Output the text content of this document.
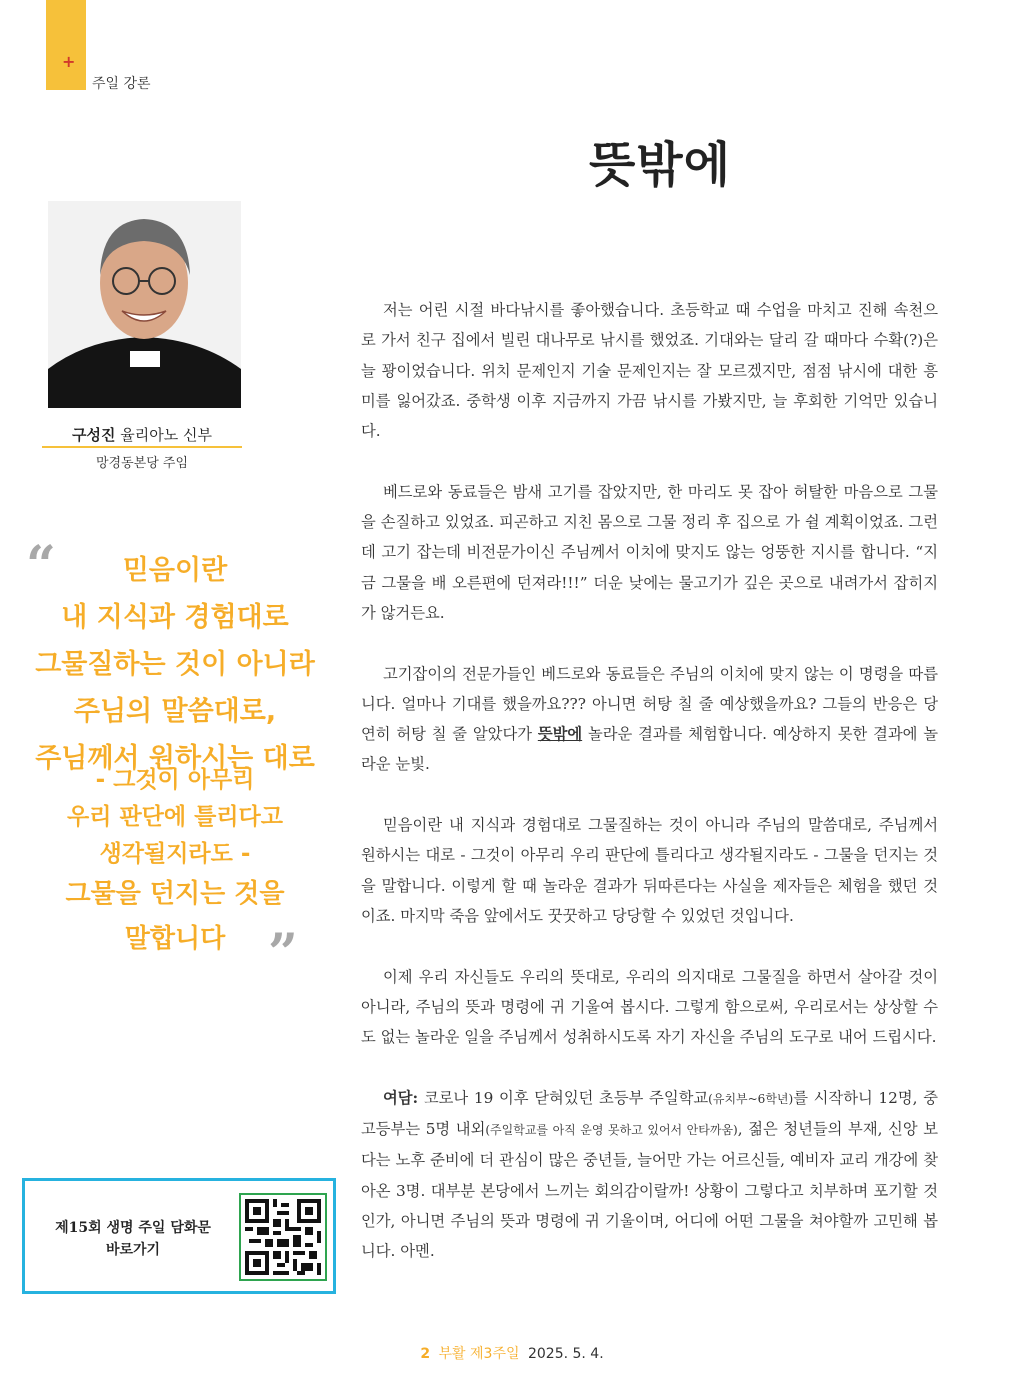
+
주일 강론
뜻밖에
구성진 율리아노 신부
망경동본당 주임
“	믿음이란
내 지식과 경험대로
그물질하는 것이 아니라
주님의 말씀대로,
주님께서 원하시는 대로
- 그것이 아무리
우리 판단에 틀리다고
생각될지라도 -
그물을 던지는 것을
말합니다 ”
제15회 생명 주일 담화문
바로가기

저는 어린 시절 바다낚시를 좋아했습니다. 초등학교 때 수업을 마치고 진해 속천으로 가서 친구 집에서 빌린 대나무로 낚시를 했었죠. 기대와는 달리 갈 때마다 수확(?)은 늘 꽝이었습니다. 위치 문제인지 기술 문제인지는 잘 모르겠지만, 점점 낚시에 대한 흥미를 잃어갔죠. 중학생 이후 지금까지 가끔 낚시를 가봤지만, 늘 후회한 기억만 있습니다.

베드로와 동료들은 밤새 고기를 잡았지만, 한 마리도 못 잡아 허탈한 마음으로 그물을 손질하고 있었죠. 피곤하고 지친 몸으로 그물 정리 후 집으로 가 쉴 계획이었죠. 그런데 고기 잡는데 비전문가이신 주님께서 이치에 맞지도 않는 엉뚱한 지시를 합니다. “지금 그물을 배 오른편에 던져라!!!” 더운 낮에는 물고기가 깊은 곳으로 내려가서 잡히지가 않거든요.

고기잡이의 전문가들인 베드로와 동료들은 주님의 이치에 맞지 않는 이 명령을 따릅니다. 얼마나 기대를 했을까요??? 아니면 허탕 칠 줄 예상했을까요? 그들의 반응은 당연히 허탕 칠 줄 알았다가 뜻밖에 놀라운 결과를 체험합니다. 예상하지 못한 결과에 놀라운 눈빛.

믿음이란 내 지식과 경험대로 그물질하는 것이 아니라 주님의 말씀대로, 주님께서 원하시는 대로 - 그것이 아무리 우리 판단에 틀리다고 생각될지라도 - 그물을 던지는 것을 말합니다. 이렇게 할 때 놀라운 결과가 뒤따른다는 사실을 제자들은 체험을 했던 것이죠. 마지막 죽음 앞에서도 꿋꿋하고 당당할 수 있었던 것입니다.

이제 우리 자신들도 우리의 뜻대로, 우리의 의지대로 그물질을 하면서 살아갈 것이 아니라, 주님의 뜻과 명령에 귀 기울여 봅시다. 그렇게 함으로써, 우리로서는 상상할 수도 없는 놀라운 일을 주님께서 성취하시도록 자기 자신을 주님의 도구로 내어 드립시다.

여담: 코로나 19 이후 닫혀있던 초등부 주일학교(유치부~6학년)를 시작하니 12명, 중고등부는 5명 내외(주일학교를 아직 운영 못하고 있어서 안타까움), 젊은 청년들의 부재, 신앙 보다는 노후 준비에 더 관심이 많은 중년들, 늘어만 가는 어르신들, 예비자 교리 개강에 찾아온 3명. 대부분 본당에서 느끼는 회의감이랄까! 상황이 그렇다고 치부하며 포기할 것인가, 아니면 주님의 뜻과 명령에 귀 기울이며, 어디에 어떤 그물을 쳐야할까 고민해 봅니다. 아멘.

2 부활 제3주일 2025. 5. 4.
